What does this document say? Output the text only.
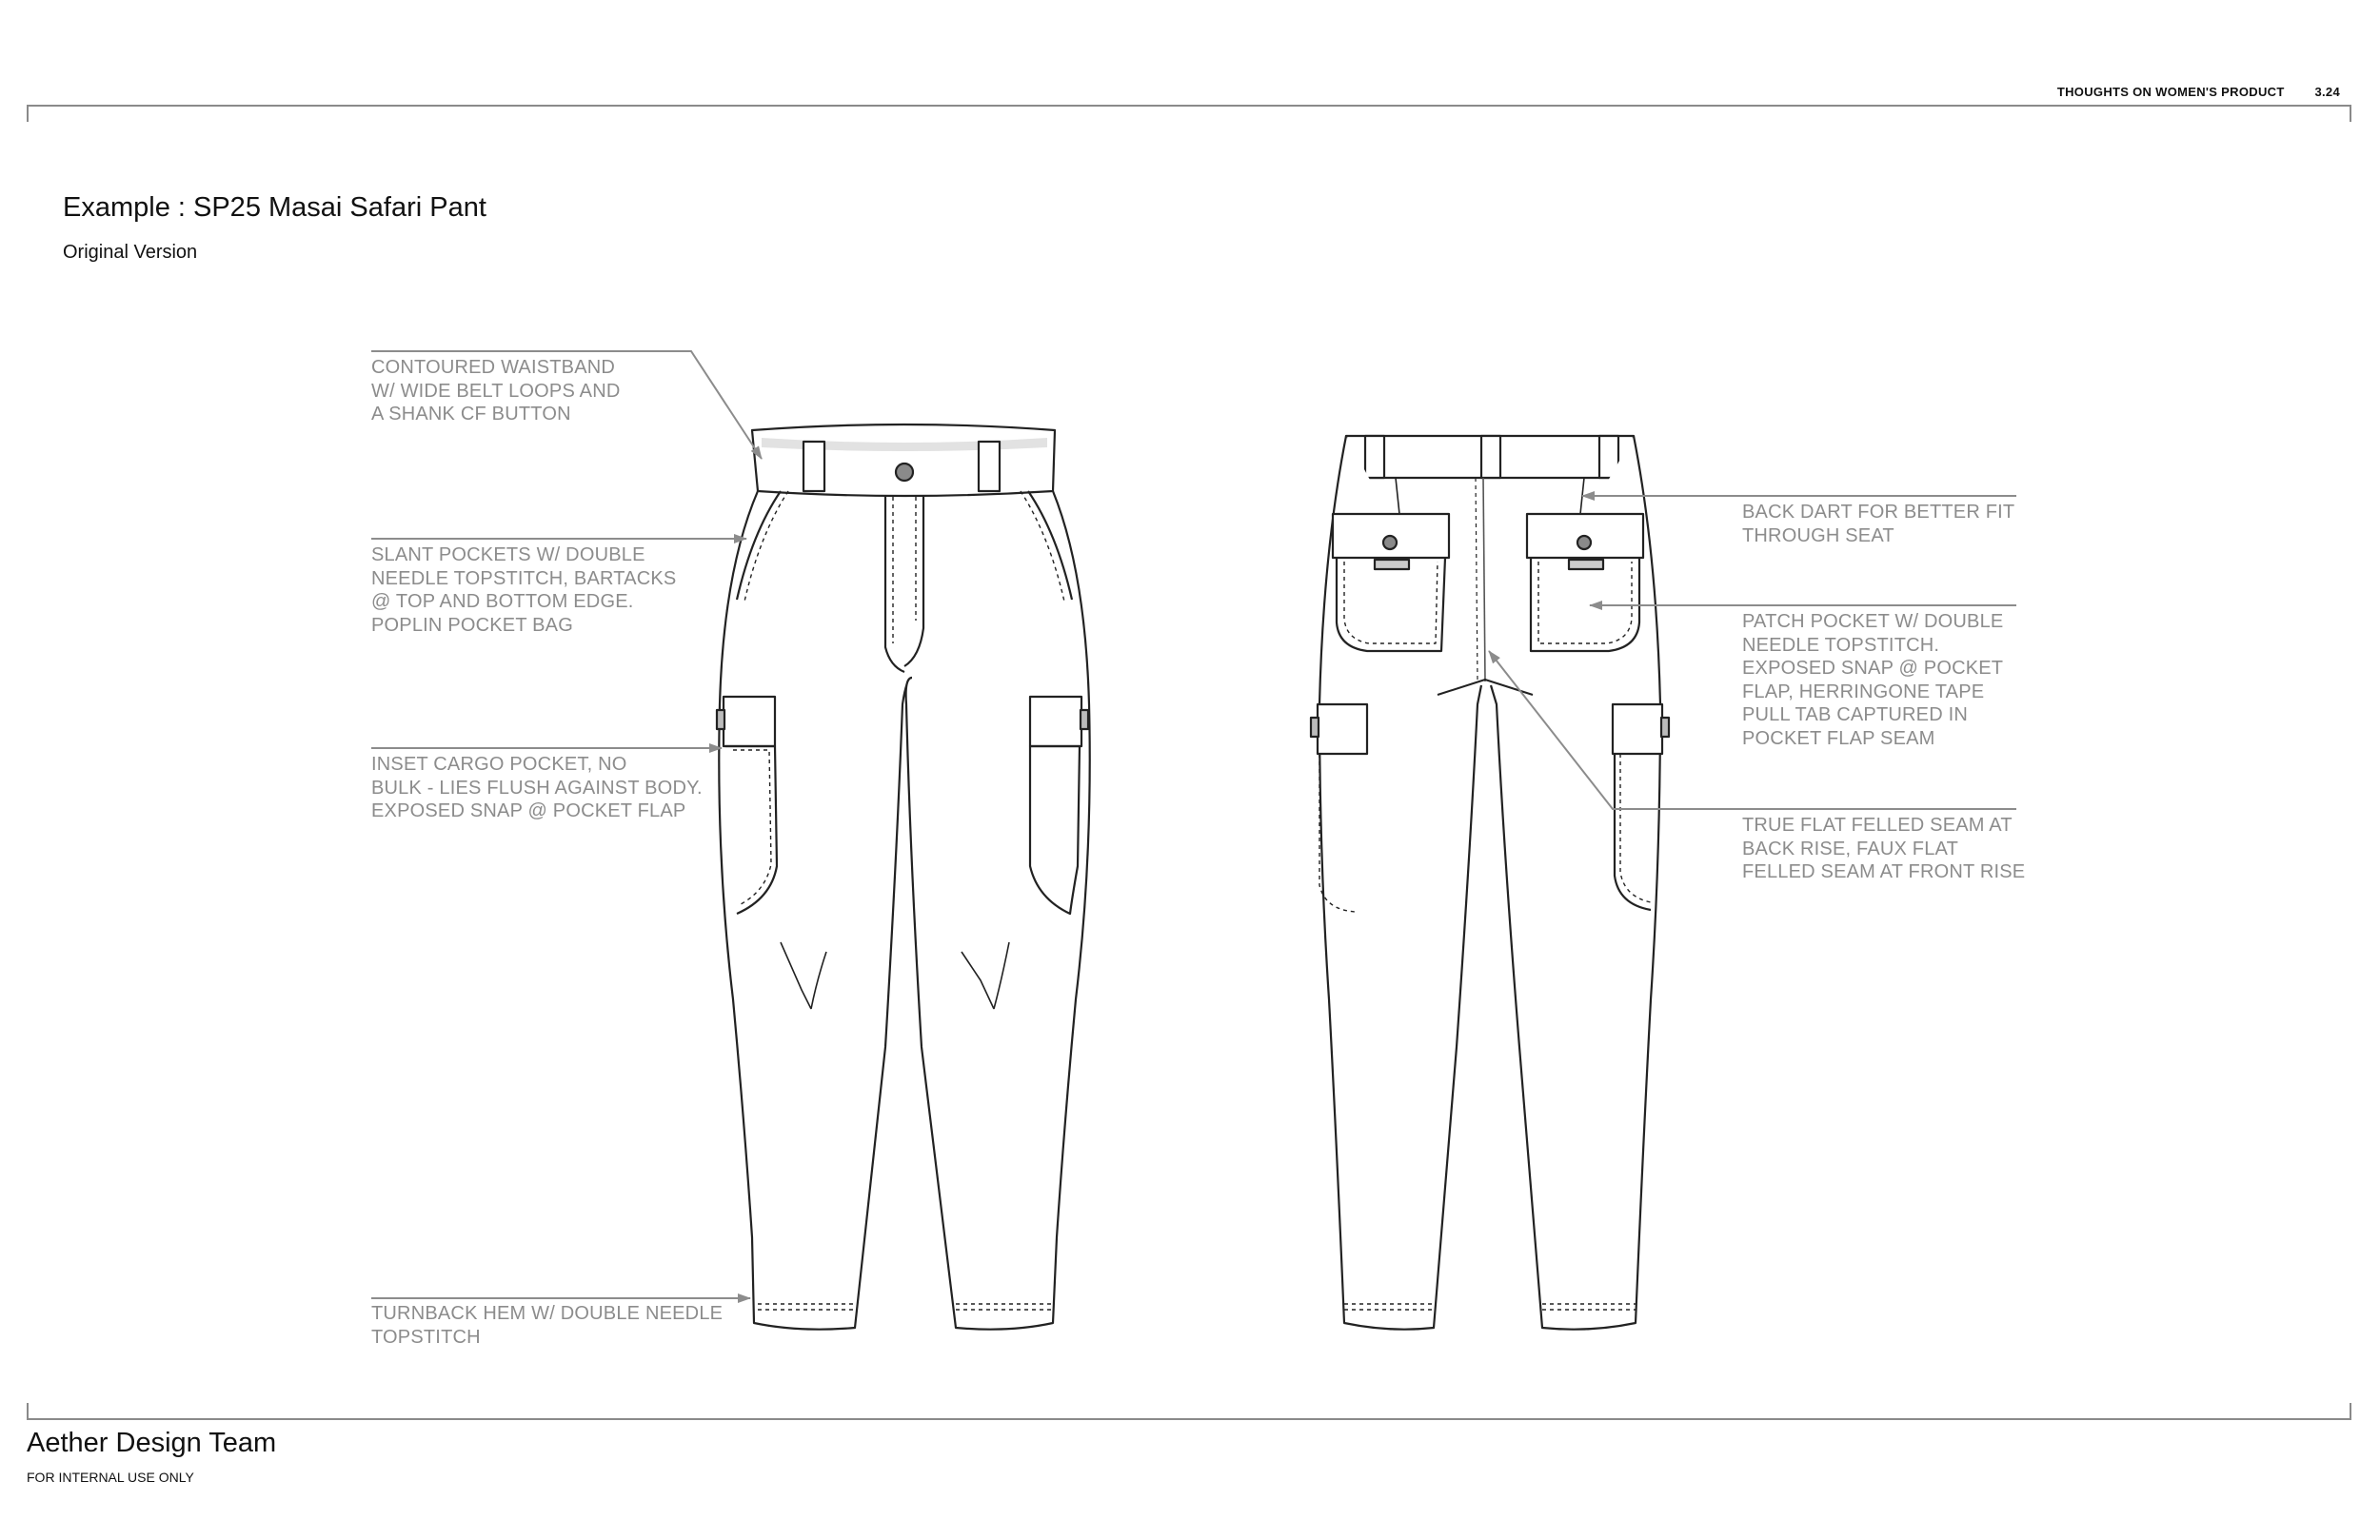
THOUGHTS ON WOMEN'S PRODUCT 3.24
Example : SP25 Masai Safari Pant
Original Version
CONTOURED WAISTBAND
W/ WIDE BELT LOOPS AND
A SHANK CF BUTTON
SLANT POCKETS W/ DOUBLE
NEEDLE TOPSTITCH, BARTACKS
@ TOP AND BOTTOM EDGE.
POPLIN POCKET BAG
INSET CARGO POCKET, NO
BULK - LIES FLUSH AGAINST BODY.
EXPOSED SNAP @ POCKET FLAP
TURNBACK HEM W/ DOUBLE NEEDLE
TOPSTITCH
BACK DART FOR BETTER FIT
THROUGH SEAT
PATCH POCKET W/ DOUBLE
NEEDLE TOPSTITCH.
EXPOSED SNAP @ POCKET
FLAP, HERRINGONE TAPE
PULL TAB CAPTURED IN
POCKET FLAP SEAM
TRUE FLAT FELLED SEAM AT
BACK RISE, FAUX FLAT
FELLED SEAM AT FRONT RISE
Aether Design Team
FOR INTERNAL USE ONLY
